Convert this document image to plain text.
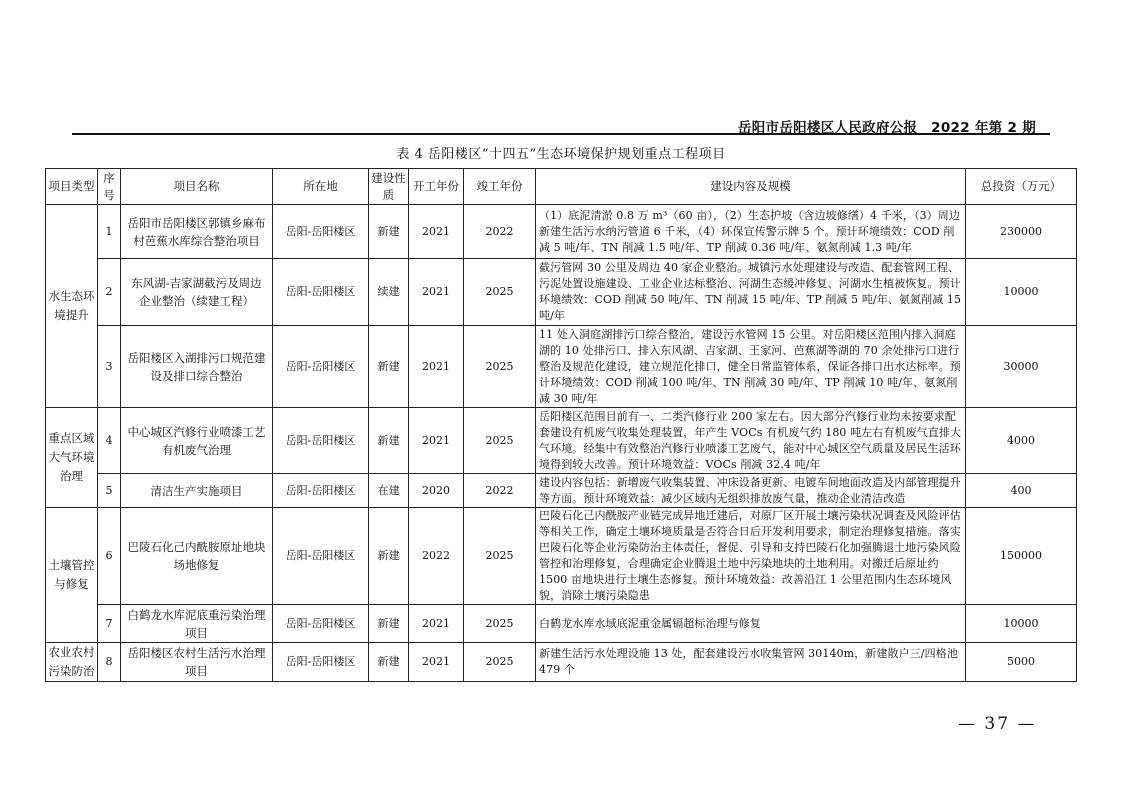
岳阳市岳阳楼区人民政府公报　2022 年第 2 期
表 4 岳阳楼区“十四五”生态环境保护规划重点工程项目
项目类型	序号	项目名称	所在地	建设性质	开工年份	竣工年份	建设内容及规模	总投资（万元）
水生态环境提升	1	岳阳市岳阳楼区郭镇乡麻布村芭蕉水库综合整治项目	岳阳-岳阳楼区	新建	2021	2022	（1）底泥清淤 0.8 万 m³（60 亩），（2）生态护坡（含边坡修缮）4 千米，（3）周边新建生活污水纳污管道 6 千米，（4）环保宣传警示牌 5 个。预计环境绩效：COD 削减 5 吨/年、TN 削减 1.5 吨/年、TP 削减 0.36 吨/年、氨氮削减 1.3 吨/年	230000
	2	东风湖-吉家湖截污及周边企业整治（续建工程）	岳阳-岳阳楼区	续建	2021	2025	截污管网 30 公里及周边 40 家企业整治。城镇污水处理建设与改造、配套管网工程、污泥处置设施建设、工业企业达标整治、河湖生态缓冲修复、河湖水生植被恢复。预计环境绩效：COD 削减 50 吨/年、TN 削减 15 吨/年、TP 削减 5 吨/年、氨氮削减 15 吨/年	10000
	3	岳阳楼区入湖排污口规范建设及排口综合整治	岳阳-岳阳楼区	新建	2021	2025	11 处入洞庭湖排污口综合整治，建设污水管网 15 公里。对岳阳楼区范围内排入洞庭湖的 10 处排污口、排入东风湖、吉家湖、王家河、芭蕉湖等湖的 70 余处排污口进行整治及规范化建设，建立规范化排口，健全日常监管体系，保证各排口出水达标率。预计环境绩效：COD 削减 100 吨/年、TN 削减 30 吨/年、TP 削减 10 吨/年、氨氮削减 30 吨/年	30000
重点区域大气环境治理	4	中心城区汽修行业喷漆工艺有机废气治理	岳阳-岳阳楼区	新建	2021	2025	岳阳楼区范围目前有一、二类汽修行业 200 家左右。因大部分汽修行业均未按要求配套建设有机废气收集处理装置，年产生 VOCs 有机废气约 180 吨左右有机废气直排大气环境。经集中有效整治汽修行业喷漆工艺废气，能对中心城区空气质量及居民生活环境得到较大改善。预计环境效益：VOCs 削减 32.4 吨/年	4000
	5	清洁生产实施项目	岳阳-岳阳楼区	在建	2020	2022	建设内容包括：新增废气收集装置、冲床设备更新、电镀车间地面改造及内部管理提升等方面。预计环境效益：减少区域内无组织排放废气量，推动企业清洁改造	400
土壤管控与修复	6	巴陵石化己内酰胺原址地块场地修复	岳阳-岳阳楼区	新建	2022	2025	巴陵石化己内酰胺产业链完成异地迁建后，对原厂区开展土壤污染状况调查及风险评估等相关工作，确定土壤环境质量是否符合日后开发利用要求，制定治理修复措施。落实巴陵石化等企业污染防治主体责任，督促、引导和支持巴陵石化加强腾退土地污染风险管控和治理修复，合理确定企业腾退土地中污染地块的土地利用。对搬迁后原址约 1500 亩地块进行土壤生态修复。预计环境效益：改善沿江 1 公里范围内生态环境风貌，消除土壤污染隐患	150000
	7	白鹤龙水库泥底重污染治理项目	岳阳-岳阳楼区	新建	2021	2025	白鹤龙水库水域底泥重金属镉超标治理与修复	10000
农业农村污染防治	8	岳阳楼区农村生活污水治理项目	岳阳-岳阳楼区	新建	2021	2025	新建生活污水处理设施 13 处，配套建设污水收集管网 30140m，新建散户三/四格池 479 个	5000
— 37 —
